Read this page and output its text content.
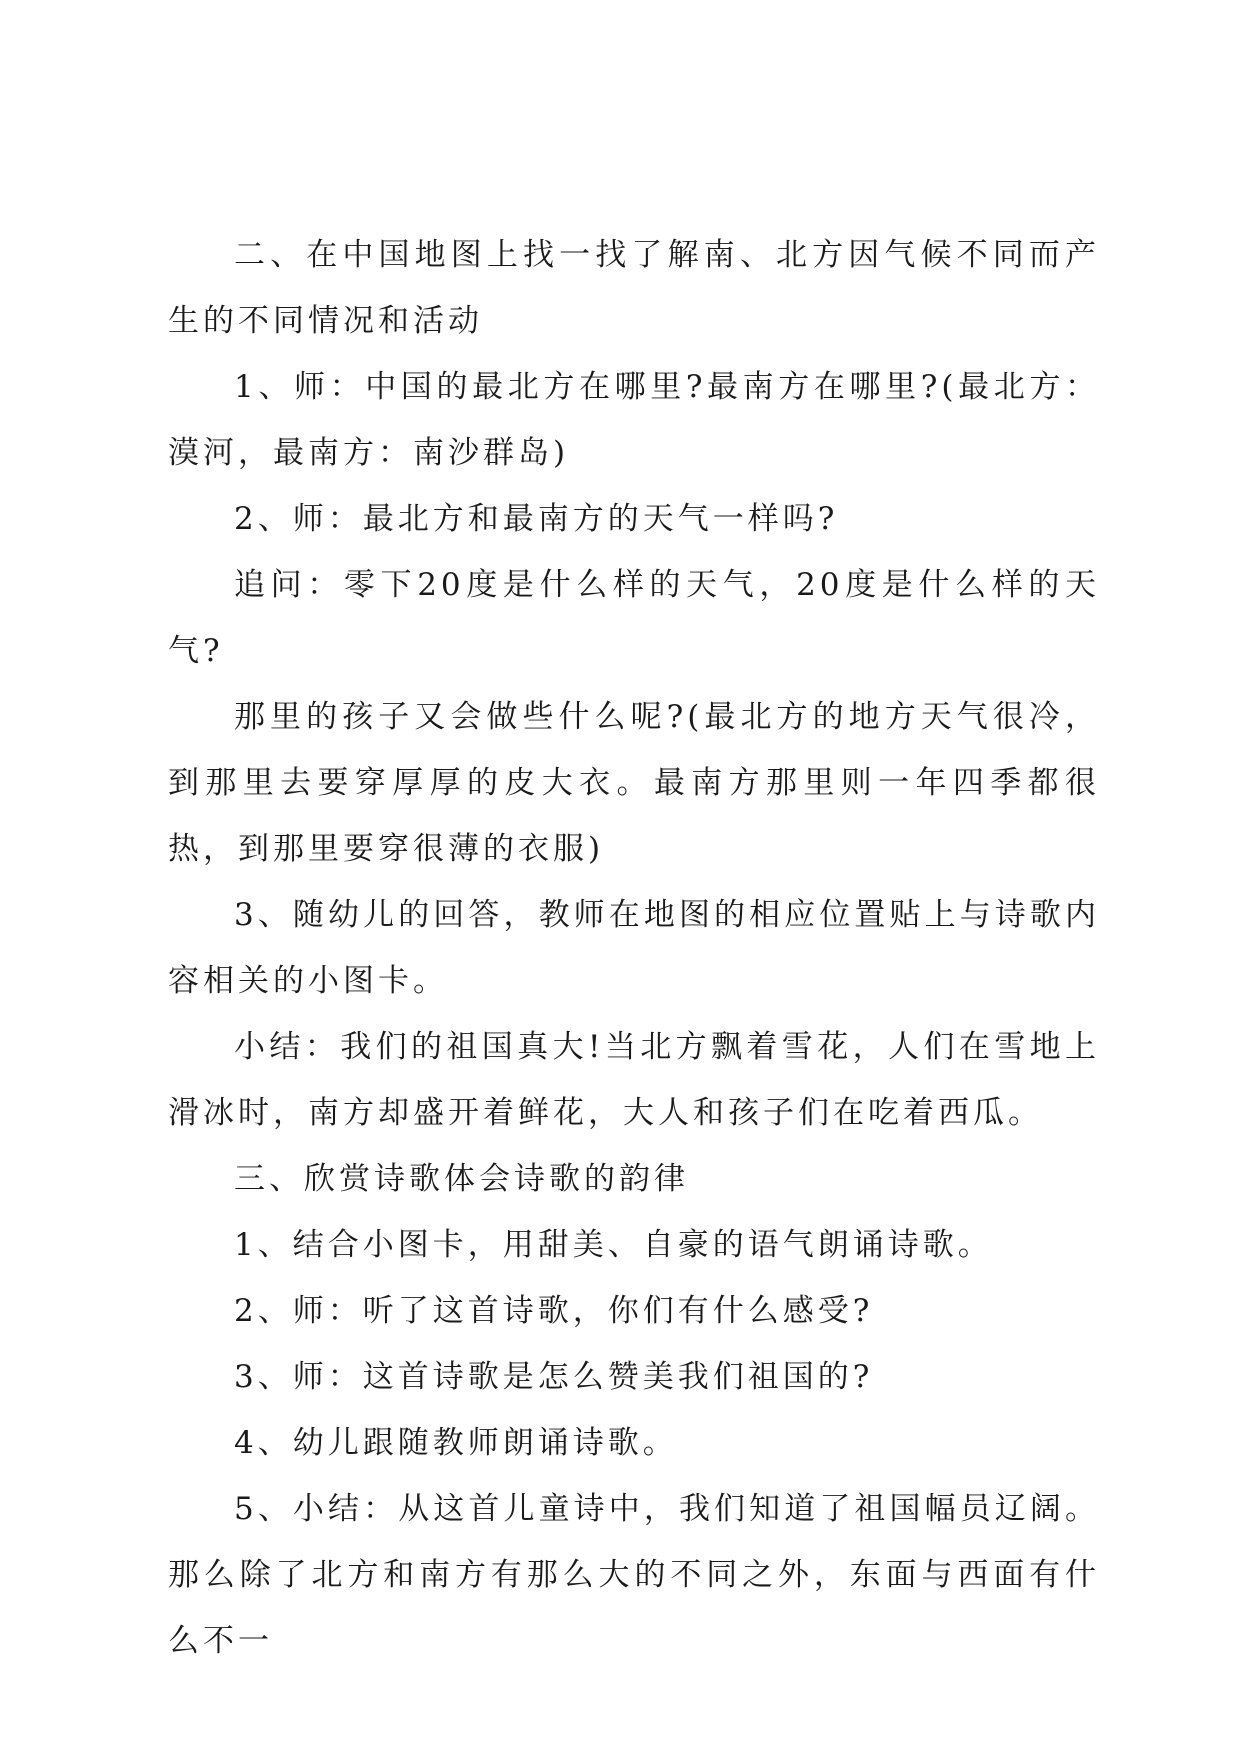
二、在中国地图上找一找了解南、北方因气候不同而产生的不同情况和活动

1、师：中国的最北方在哪里?最南方在哪里?(最北方：漠河，最南方：南沙群岛)

2、师：最北方和最南方的天气一样吗?

追问：零下20度是什么样的天气，20度是什么样的天气?

那里的孩子又会做些什么呢?(最北方的地方天气很冷，到那里去要穿厚厚的皮大衣。最南方那里则一年四季都很热，到那里要穿很薄的衣服)

3、随幼儿的回答，教师在地图的相应位置贴上与诗歌内容相关的小图卡。

小结：我们的祖国真大!当北方飘着雪花，人们在雪地上滑冰时，南方却盛开着鲜花，大人和孩子们在吃着西瓜。

三、欣赏诗歌体会诗歌的韵律

1、结合小图卡，用甜美、自豪的语气朗诵诗歌。

2、师：听了这首诗歌，你们有什么感受?

3、师：这首诗歌是怎么赞美我们祖国的?

4、幼儿跟随教师朗诵诗歌。

5、小结：从这首儿童诗中，我们知道了祖国幅员辽阔。那么除了北方和南方有那么大的不同之外，东面与西面有什么不一
